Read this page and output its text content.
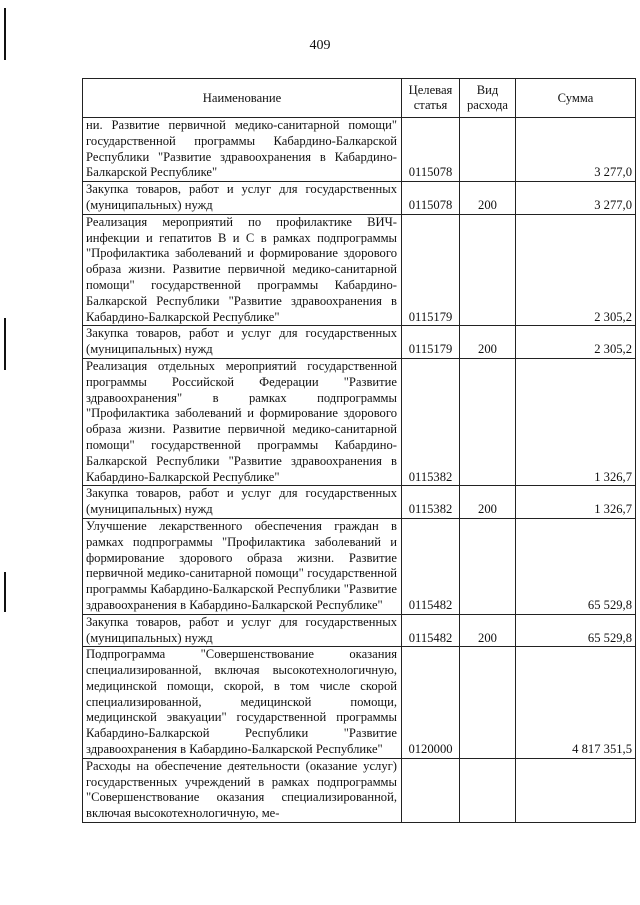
409
Наименование	Целевая статья	Вид расхода	Сумма
ни. Развитие первичной медико-санитарной помощи" государственной программы Кабардино-Балкарской Республики "Развитие здравоохранения в Кабардино-Балкарской Республике"	0115078		3 277,0
Закупка товаров, работ и услуг для государственных (муниципальных) нужд	0115078	200	3 277,0
Реализация мероприятий по профилактике ВИЧ-инфекции и гепатитов B и C в рамках подпрограммы "Профилактика заболеваний и формирование здорового образа жизни. Развитие первичной медико-санитарной помощи" государственной программы Кабардино-Балкарской Республики "Развитие здравоохранения в Кабардино-Балкарской Республике"	0115179		2 305,2
Закупка товаров, работ и услуг для государственных (муниципальных) нужд	0115179	200	2 305,2
Реализация отдельных мероприятий государственной программы Российской Федерации "Развитие здравоохранения" в рамках подпрограммы "Профилактика заболеваний и формирование здорового образа жизни. Развитие первичной медико-санитарной помощи" государственной программы Кабардино-Балкарской Республики "Развитие здравоохранения в Кабардино-Балкарской Республике"	0115382		1 326,7
Закупка товаров, работ и услуг для государственных (муниципальных) нужд	0115382	200	1 326,7
Улучшение лекарственного обеспечения граждан в рамках подпрограммы "Профилактика заболеваний и формирование здорового образа жизни. Развитие первичной медико-санитарной помощи" государственной программы Кабардино-Балкарской Республики "Развитие здравоохранения в Кабардино-Балкарской Республике"	0115482		65 529,8
Закупка товаров, работ и услуг для государственных (муниципальных) нужд	0115482	200	65 529,8
Подпрограмма "Совершенствование оказания специализированной, включая высокотехнологичную, медицинской помощи, скорой, в том числе скорой специализированной, медицинской помощи, медицинской эвакуации" государственной программы Кабардино-Балкарской Республики "Развитие здравоохранения в Кабардино-Балкарской Республике"	0120000		4 817 351,5
Расходы на обеспечение деятельности (оказание услуг) государственных учреждений в рамках подпрограммы "Совершенствование оказания специализированной, включая высокотехнологичную, ме-			
